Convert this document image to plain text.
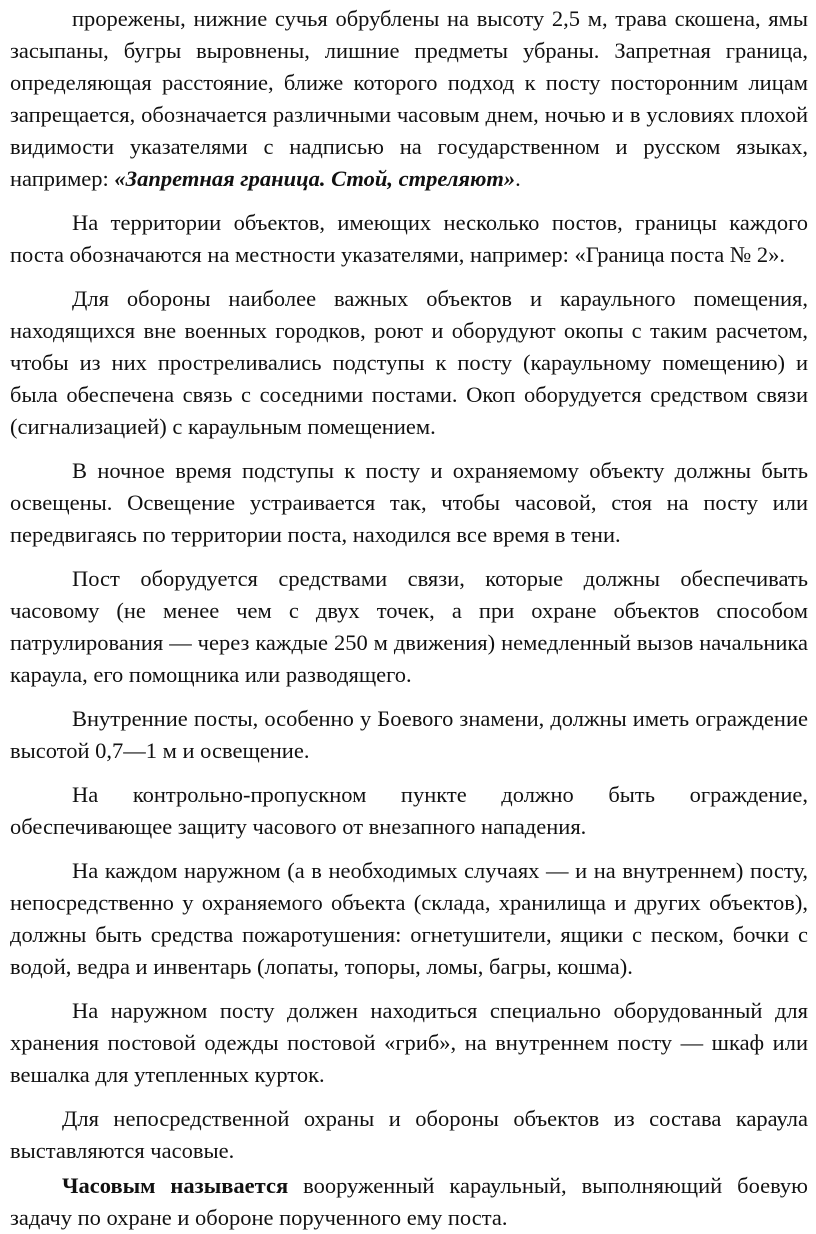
прорежены, нижние сучья обрублены на высоту 2,5 м, трава скошена, ямы засыпаны, бугры выровнены, лишние предметы убраны. Запретная граница, определяющая расстояние, ближе которого подход к посту посторонним лицам запрещается, обозначается различными часовым днем, ночью и в условиях плохой видимости указателями с надписью на государственном и русском языках, например: «Запретная граница. Стой, стреляют».

На территории объектов, имеющих несколько постов, границы каждого поста обозначаются на местности указателями, например: «Граница поста № 2».

Для обороны наиболее важных объектов и караульного помещения, находящихся вне военных городков, роют и оборудуют окопы с таким расчетом, чтобы из них простреливались подступы к посту (караульному помещению) и была обеспечена связь с соседними постами. Окоп оборудуется средством связи (сигнализацией) с караульным помещением.

В ночное время подступы к посту и охраняемому объекту должны быть освещены. Освещение устраивается так, чтобы часовой, стоя на посту или передвигаясь по территории поста, находился все время в тени.

Пост оборудуется средствами связи, которые должны обеспечивать часовому (не менее чем с двух точек, а при охране объектов способом патрулирования — через каждые 250 м движения) немедленный вызов начальника караула, его помощника или разводящего.

Внутренние посты, особенно у Боевого знамени, должны иметь ограждение высотой 0,7—1 м и освещение.

На контрольно-пропускном пункте должно быть ограждение, обеспечивающее защиту часового от внезапного нападения.

На каждом наружном (а в необходимых случаях — и на внутреннем) посту, непосредственно у охраняемого объекта (склада, хранилища и других объектов), должны быть средства пожаротушения: огнетушители, ящики с песком, бочки с водой, ведра и инвентарь (лопаты, топоры, ломы, багры, кошма).

На наружном посту должен находиться специально оборудованный для хранения постовой одежды постовой «гриб», на внутреннем посту — шкаф или вешалка для утепленных курток.

Для непосредственной охраны и обороны объектов из состава караула выставляются часовые.

Часовым называется вооруженный караульный, выполняющий боевую задачу по охране и обороне порученного ему поста.
